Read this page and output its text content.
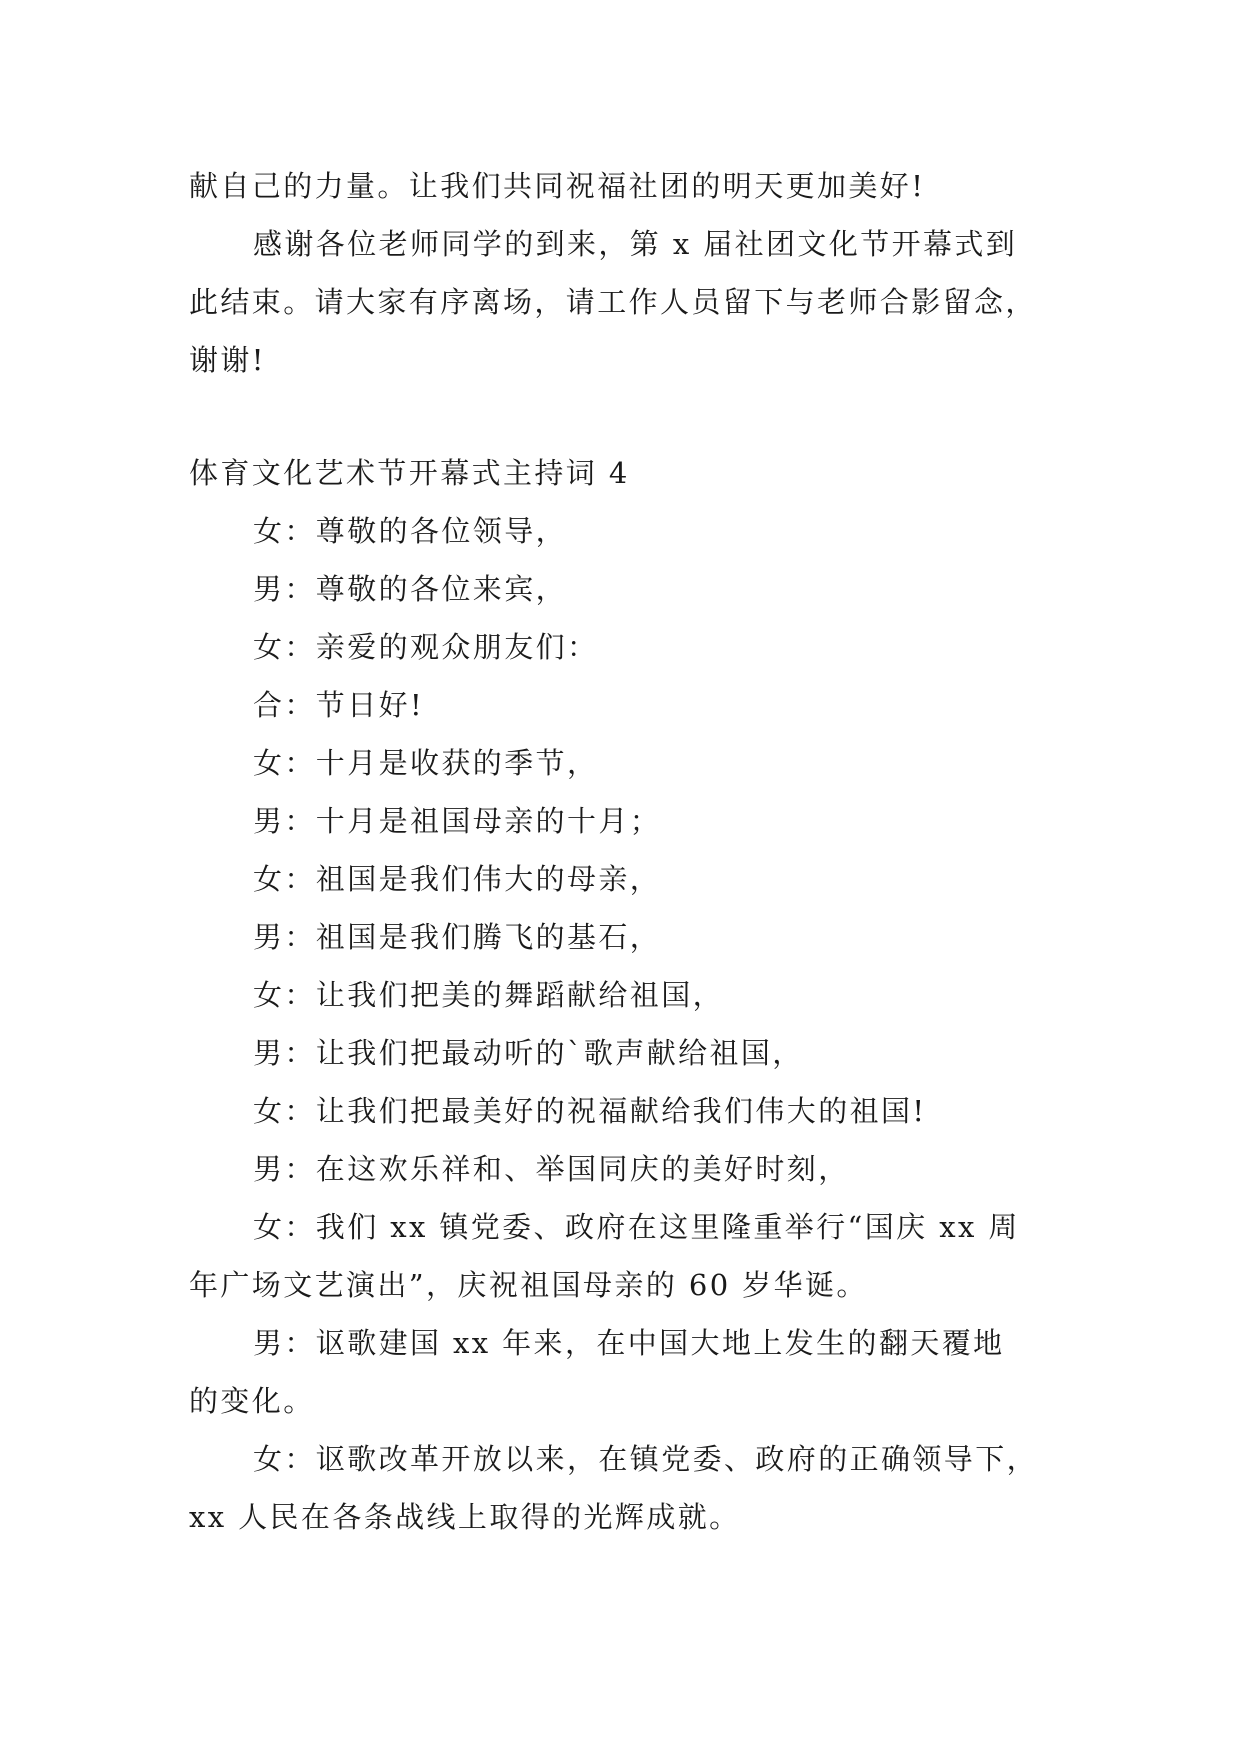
献自己的力量。让我们共同祝福社团的明天更加美好!

感谢各位老师同学的到来，第 x 届社团文化节开幕式到

此结束。请大家有序离场，请工作人员留下与老师合影留念，

谢谢!

体育文化艺术节开幕式主持词 4

女：尊敬的各位领导，

男：尊敬的各位来宾，

女：亲爱的观众朋友们：

合：节日好!

女：十月是收获的季节，

男：十月是祖国母亲的十月；

女：祖国是我们伟大的母亲，

男：祖国是我们腾飞的基石，

女：让我们把美的舞蹈献给祖国，

男：让我们把最动听的`歌声献给祖国，

女：让我们把最美好的祝福献给我们伟大的祖国!

男：在这欢乐祥和、举国同庆的美好时刻，

女：我们 xx 镇党委、政府在这里隆重举行“国庆 xx 周

年广场文艺演出”，庆祝祖国母亲的 60 岁华诞。

男：讴歌建国 xx 年来，在中国大地上发生的翻天覆地

的变化。

女：讴歌改革开放以来，在镇党委、政府的正确领导下，

xx 人民在各条战线上取得的光辉成就。
